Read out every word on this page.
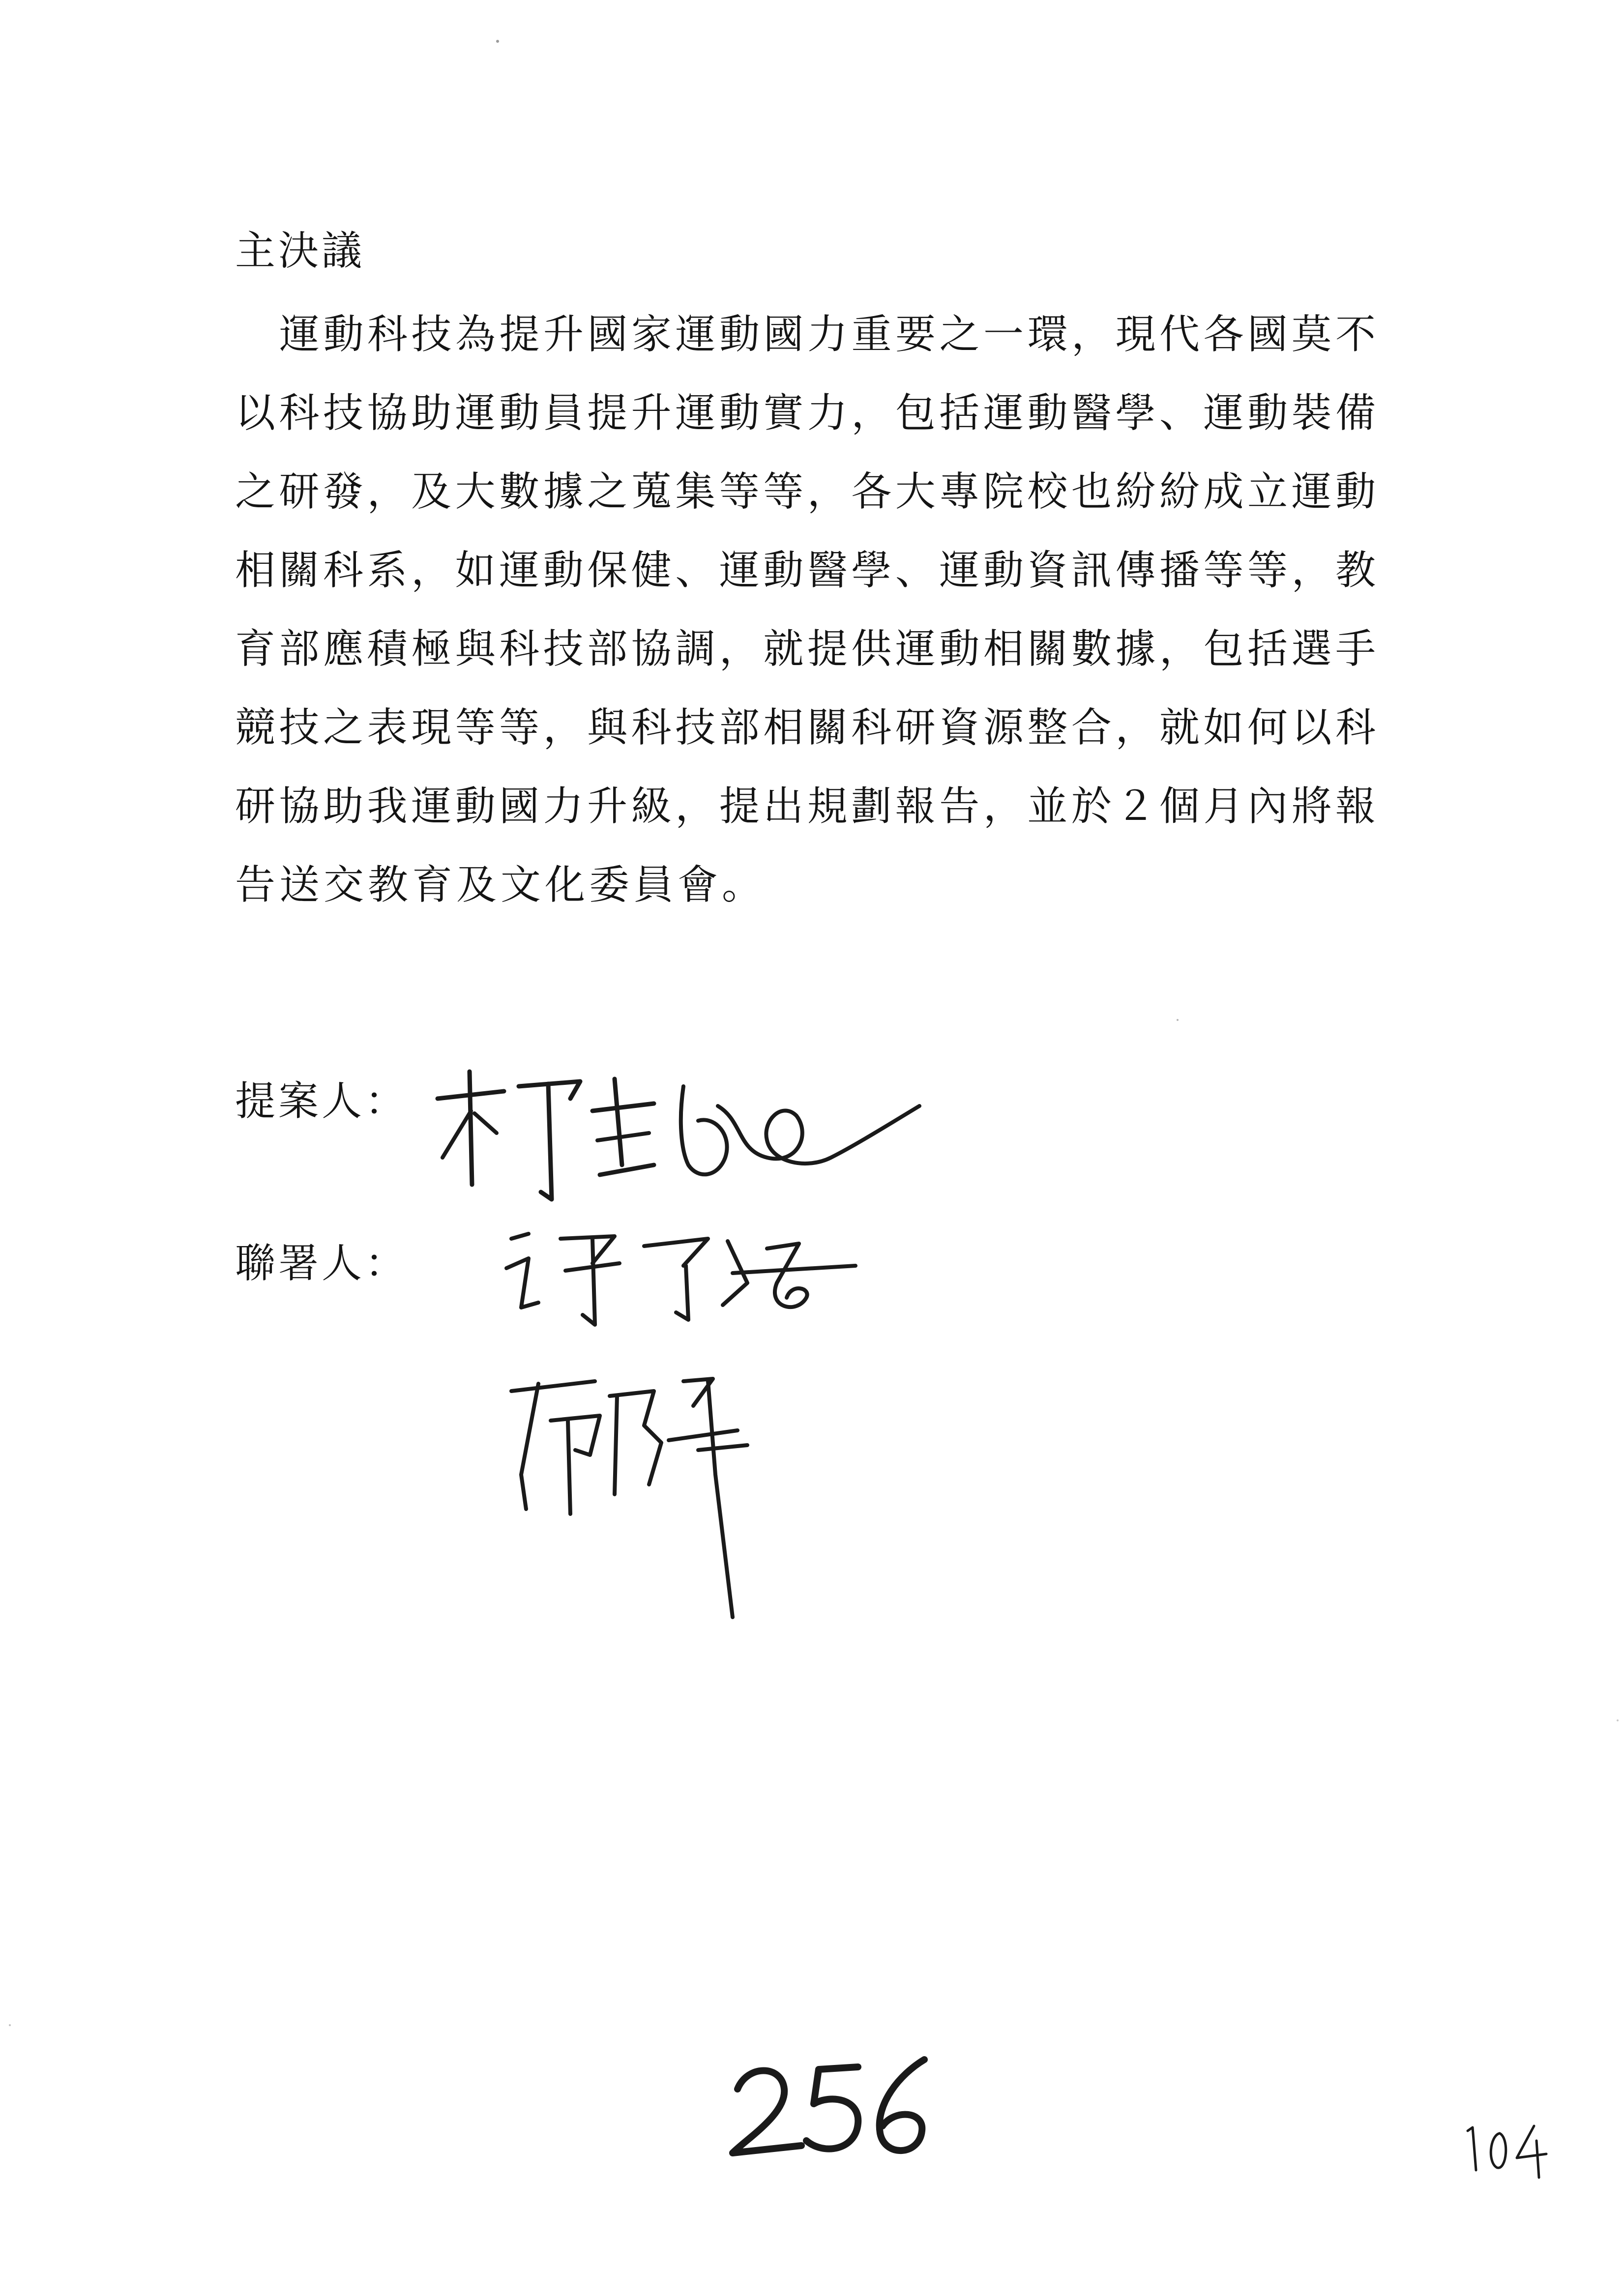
主決議
運動科技為提升國家運動國力重要之一環，現代各國莫不
以科技協助運動員提升運動實力，包括運動醫學、運動裝備
之研發，及大數據之蒐集等等，各大專院校也紛紛成立運動
相關科系，如運動保健、運動醫學、運動資訊傳播等等，教
育部應積極與科技部協調，就提供運動相關數據，包括選手
競技之表現等等，與科技部相關科研資源整合，就如何以科
研協助我運動國力升級，提出規劃報告，並於２個月內將報
告送交教育及文化委員會。
提案人：
聯署人：
